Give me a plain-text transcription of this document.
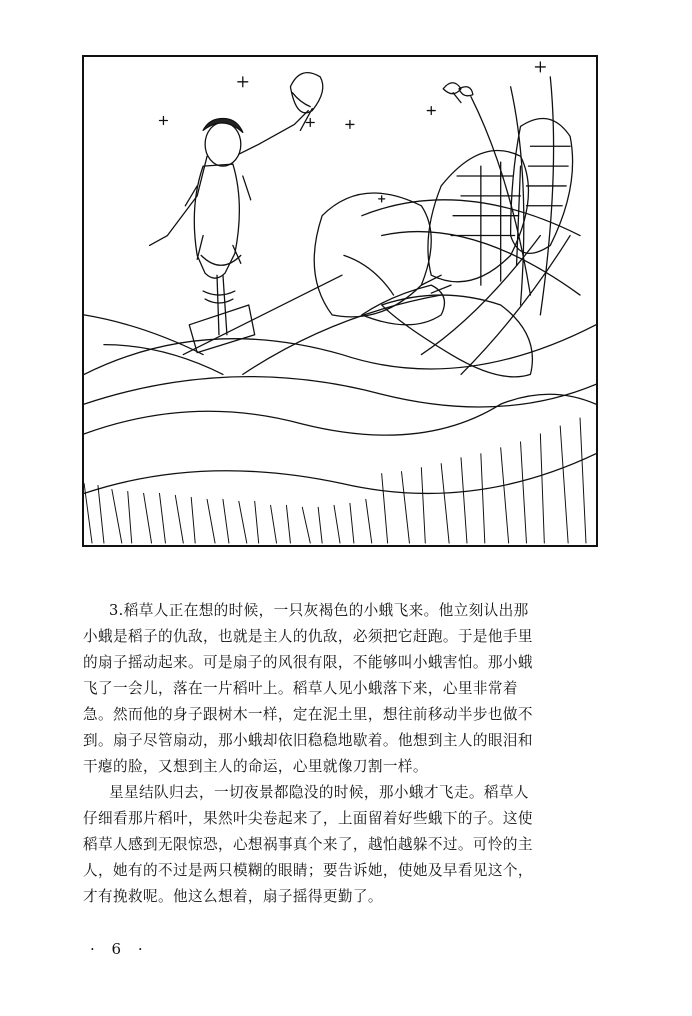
3.稻草人正在想的时候，一只灰褐色的小蛾飞来。他立刻认出那
小蛾是稻子的仇敌，也就是主人的仇敌，必须把它赶跑。于是他手里
的扇子摇动起来。可是扇子的风很有限，不能够叫小蛾害怕。那小蛾
飞了一会儿，落在一片稻叶上。稻草人见小蛾落下来，心里非常着
急。然而他的身子跟树木一样，定在泥土里，想往前移动半步也做不
到。扇子尽管扇动，那小蛾却依旧稳稳地歇着。他想到主人的眼泪和
干瘪的脸，又想到主人的命运，心里就像刀割一样。

星星结队归去，一切夜景都隐没的时候，那小蛾才飞走。稻草人
仔细看那片稻叶，果然叶尖卷起来了，上面留着好些蛾下的子。这使
稻草人感到无限惊恐，心想祸事真个来了，越怕越躲不过。可怜的主
人，她有的不过是两只模糊的眼睛；要告诉她，使她及早看见这个，
才有挽救呢。他这么想着，扇子摇得更勤了。

· 6 ·
